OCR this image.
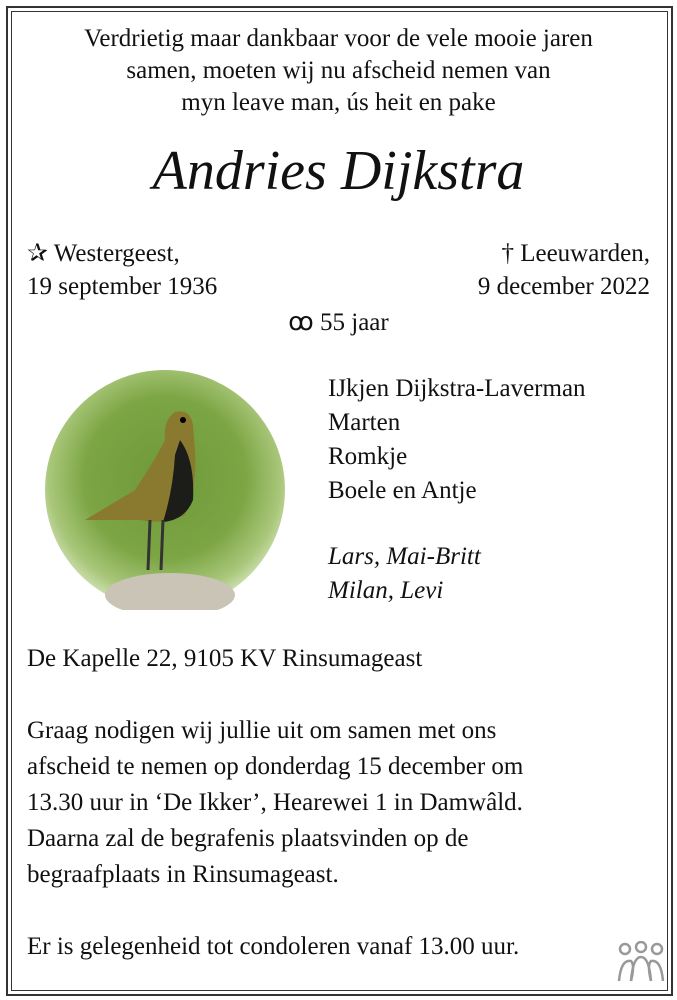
Verdrietig maar dankbaar voor de vele mooie jaren
samen, moeten wij nu afscheid nemen van
myn leave man, ús heit en pake
Andries Dijkstra
✰ Westergeest,
19 september 1936
† Leeuwarden,
9 december 2022
ꝏ 55 jaar
IJkjen Dijkstra-Laverman
Marten
Romkje
Boele en Antje
Lars, Mai-Britt
Milan, Levi
De Kapelle 22, 9105 KV Rinsumageast
Graag nodigen wij jullie uit om samen met ons
afscheid te nemen op donderdag 15 december om
13.30 uur in ‘De Ikker’, Hearewei 1 in Damwâld.
Daarna zal de begrafenis plaatsvinden op de
begraafplaats in Rinsumageast.
Er is gelegenheid tot condoleren vanaf 13.00 uur.
